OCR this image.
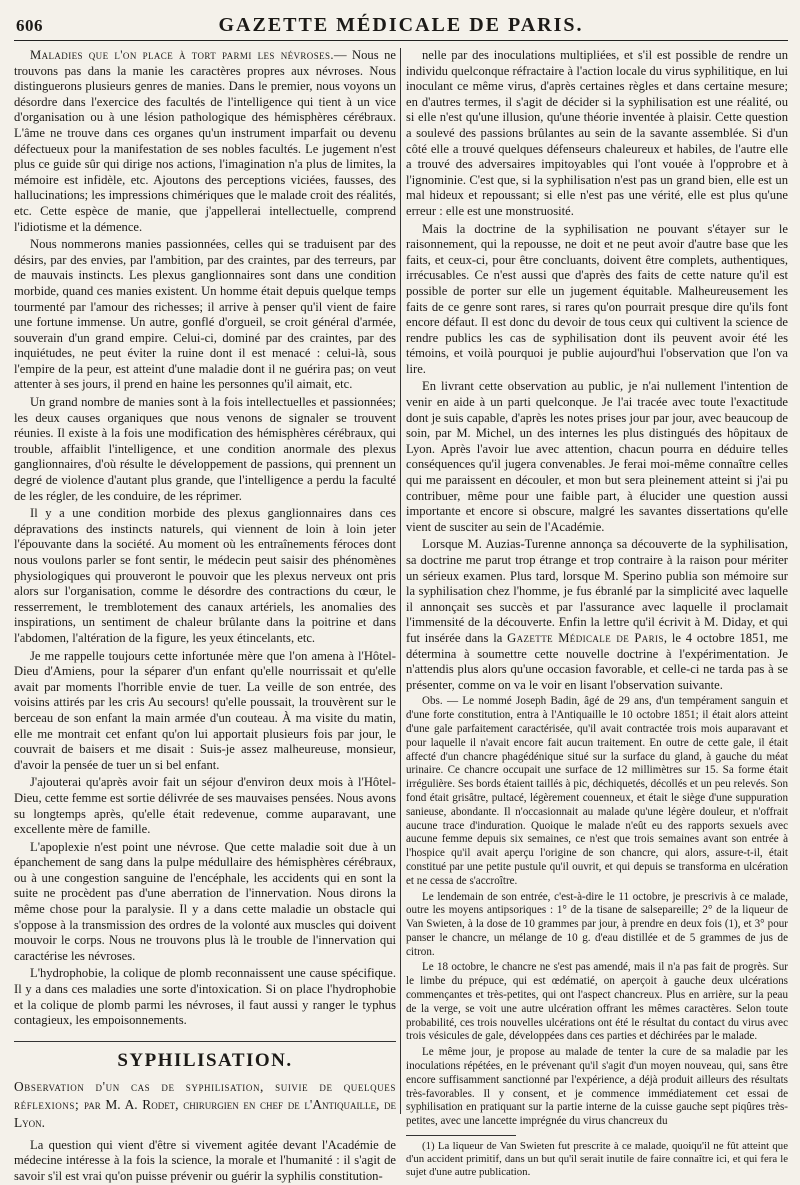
606	GAZETTE MÉDICALE DE PARIS.

Maladies que l'on place à tort parmi les névroses.— Nous ne trouvons pas dans la manie les caractères propres aux névroses. Nous distinguerons plusieurs genres de manies. Dans le premier, nous voyons un désordre dans l'exercice des facultés de l'intelligence qui tient à un vice d'organisation ou à une lésion pathologique des hémisphères cérébraux. L'âme ne trouve dans ces organes qu'un instrument imparfait ou devenu défectueux pour la manifestation de ses nobles facultés. Le jugement n'est plus ce guide sûr qui dirige nos actions, l'imagination n'a plus de limites, la mémoire est infidèle, etc. Ajoutons des perceptions viciées, fausses, des hallucinations; les impressions chimériques que le malade croit des réalités, etc. Cette espèce de manie, que j'appellerai intellectuelle, comprend l'idiotisme et la démence.

Nous nommerons manies passionnées, celles qui se traduisent par des désirs, par des envies, par l'ambition, par des craintes, par des terreurs, par de mauvais instincts. Les plexus ganglionnaires sont dans une condition morbide, quand ces manies existent. Un homme était depuis quelque temps tourmenté par l'amour des richesses; il arrive à penser qu'il vient de faire une fortune immense. Un autre, gonflé d'orgueil, se croit général d'armée, souverain d'un grand empire. Celui-ci, dominé par des craintes, par des inquiétudes, ne peut éviter la ruine dont il est menacé : celui-là, sous l'empire de la peur, est atteint d'une maladie dont il ne guérira pas; on veut attenter à ses jours, il prend en haine les personnes qu'il aimait, etc.

Un grand nombre de manies sont à la fois intellectuelles et passionnées; les deux causes organiques que nous venons de signaler se trouvent réunies. Il existe à la fois une modification des hémisphères cérébraux, qui trouble, affaiblit l'intelligence, et une condition anormale des plexus ganglionnaires, d'où résulte le développement de passions, qui prennent un degré de violence d'autant plus grande, que l'intelligence a perdu la faculté de les régler, de les conduire, de les réprimer.

Il y a une condition morbide des plexus ganglionnaires dans ces dépravations des instincts naturels, qui viennent de loin à loin jeter l'épouvante dans la société. Au moment où les entraînements féroces dont nous voulons parler se font sentir, le médecin peut saisir des phénomènes physiologiques qui prouveront le pouvoir que les plexus nerveux ont pris alors sur l'organisation, comme le désordre des contractions du cœur, le resserrement, le tremblotement des canaux artériels, les anomalies des inspirations, un sentiment de chaleur brûlante dans la poitrine et dans l'abdomen, l'altération de la figure, les yeux étincelants, etc.

Je me rappelle toujours cette infortunée mère que l'on amena à l'Hôtel-Dieu d'Amiens, pour la séparer d'un enfant qu'elle nourrissait et qu'elle avait par moments l'horrible envie de tuer. La veille de son entrée, des voisins attirés par les cris Au secours! qu'elle poussait, la trouvèrent sur le berceau de son enfant la main armée d'un couteau. À ma visite du matin, elle me montrait cet enfant qu'on lui apportait plusieurs fois par jour, le couvrait de baisers et me disait : Suis-je assez malheureuse, monsieur, d'avoir la pensée de tuer un si bel enfant.

J'ajouterai qu'après avoir fait un séjour d'environ deux mois à l'Hôtel-Dieu, cette femme est sortie délivrée de ses mauvaises pensées. Nous avons su longtemps après, qu'elle était redevenue, comme auparavant, une excellente mère de famille.

L'apoplexie n'est point une névrose. Que cette maladie soit due à un épanchement de sang dans la pulpe médullaire des hémisphères cérébraux, ou à une congestion sanguine de l'encéphale, les accidents qui en sont la suite ne procèdent pas d'une aberration de l'innervation. Nous dirons la même chose pour la paralysie. Il y a dans cette maladie un obstacle qui s'oppose à la transmission des ordres de la volonté aux muscles qui doivent mouvoir le corps. Nous ne trouvons plus là le trouble de l'innervation qui caractérise les névroses.

L'hydrophobie, la colique de plomb reconnaissent une cause spécifique. Il y a dans ces maladies une sorte d'intoxication. Si on place l'hydrophobie et la colique de plomb parmi les névroses, il faut aussi y ranger le typhus contagieux, les empoisonnements.

SYPHILISATION.
Observation d'un cas de syphilisation, suivie de quelques réflexions; par M. A. Rodet, chirurgien en chef de l'Antiquaille, de Lyon.

La question qui vient d'être si vivement agitée devant l'Académie de médecine intéresse à la fois la science, la morale et l'humanité : il s'agit de savoir s'il est vrai qu'on puisse prévenir ou guérir la syphilis constitution-

nelle par des inoculations multipliées, et s'il est possible de rendre un individu quelconque réfractaire à l'action locale du virus syphilitique, en lui inoculant ce même virus, d'après certaines règles et dans certaine mesure; en d'autres termes, il s'agit de décider si la syphilisation est une réalité, ou si elle n'est qu'une illusion, qu'une théorie inventée à plaisir. Cette question a soulevé des passions brûlantes au sein de la savante assemblée. Si d'un côté elle a trouvé quelques défenseurs chaleureux et habiles, de l'autre elle a trouvé des adversaires impitoyables qui l'ont vouée à l'opprobre et à l'ignominie. C'est que, si la syphilisation n'est pas un grand bien, elle est un mal hideux et repoussant; si elle n'est pas une vérité, elle est plus qu'une erreur : elle est une monstruosité.

Mais la doctrine de la syphilisation ne pouvant s'étayer sur le raisonnement, qui la repousse, ne doit et ne peut avoir d'autre base que les faits, et ceux-ci, pour être concluants, doivent être complets, authentiques, irrécusables. Ce n'est aussi que d'après des faits de cette nature qu'il est possible de porter sur elle un jugement équitable. Malheureusement les faits de ce genre sont rares, si rares qu'on pourrait presque dire qu'ils font encore défaut. Il est donc du devoir de tous ceux qui cultivent la science de rendre publics les cas de syphilisation dont ils peuvent avoir été les témoins, et voilà pourquoi je publie aujourd'hui l'observation que l'on va lire.

En livrant cette observation au public, je n'ai nullement l'intention de venir en aide à un parti quelconque. Je l'ai tracée avec toute l'exactitude dont je suis capable, d'après les notes prises jour par jour, avec beaucoup de soin, par M. Michel, un des internes les plus distingués des hôpitaux de Lyon. Après l'avoir lue avec attention, chacun pourra en déduire telles conséquences qu'il jugera convenables. Je ferai moi-même connaître celles qui me paraissent en découler, et mon but sera pleinement atteint si j'ai pu contribuer, même pour une faible part, à élucider une question aussi importante et encore si obscure, malgré les savantes dissertations qu'elle vient de susciter au sein de l'Académie.

Lorsque M. Auzias-Turenne annonça sa découverte de la syphilisation, sa doctrine me parut trop étrange et trop contraire à la raison pour mériter un sérieux examen. Plus tard, lorsque M. Sperino publia son mémoire sur la syphilisation chez l'homme, je fus ébranlé par la simplicité avec laquelle il annonçait ses succès et par l'assurance avec laquelle il proclamait l'immensité de la découverte. Enfin la lettre qu'il écrivit à M. Diday, et qui fut insérée dans la Gazette Médicale de Paris, le 4 octobre 1851, me détermina à soumettre cette nouvelle doctrine à l'expérimentation. Je n'attendis plus alors qu'une occasion favorable, et celle-ci ne tarda pas à se présenter, comme on va le voir en lisant l'observation suivante.

Obs. — Le nommé Joseph Badin, âgé de 29 ans, d'un tempérament sanguin et d'une forte constitution, entra à l'Antiquaille le 10 octobre 1851; il était alors atteint d'une gale parfaitement caractérisée, qu'il avait contractée trois mois auparavant et pour laquelle il n'avait encore fait aucun traitement. En outre de cette gale, il était affecté d'un chancre phagédénique situé sur la surface du gland, à gauche du méat urinaire. Ce chancre occupait une surface de 12 millimètres sur 15. Sa forme était irrégulière. Ses bords étaient taillés à pic, déchiquetés, décollés et un peu relevés. Son fond était grisâtre, pultacé, légèrement couenneux, et était le siège d'une suppuration sanieuse, abondante. Il n'occasionnait au malade qu'une légère douleur, et n'offrait aucune trace d'induration. Quoique le malade n'eût eu des rapports sexuels avec aucune femme depuis six semaines, ce n'est que trois semaines avant son entrée à l'hospice qu'il avait aperçu l'origine de son chancre, qui alors, assure-t-il, était constitué par une petite pustule qu'il ouvrit, et qui depuis se transforma en ulcération et ne cessa de s'accroître.

Le lendemain de son entrée, c'est-à-dire le 11 octobre, je prescrivis à ce malade, outre les moyens antipsoriques : 1° de la tisane de salsepareille; 2° de la liqueur de Van Swieten, à la dose de 10 grammes par jour, à prendre en deux fois (1), et 3° pour panser le chancre, un mélange de 10 g. d'eau distillée et de 5 grammes de jus de citron.

Le 18 octobre, le chancre ne s'est pas amendé, mais il n'a pas fait de progrès. Sur le limbe du prépuce, qui est œdématié, on aperçoit à gauche deux ulcérations commençantes et très-petites, qui ont l'aspect chancreux. Plus en arrière, sur la peau de la verge, se voit une autre ulcération offrant les mêmes caractères. Selon toute probabilité, ces trois nouvelles ulcérations ont été le résultat du contact du virus avec trois vésicules de gale, développées dans ces parties et déchirées par le malade.

Le même jour, je propose au malade de tenter la cure de sa maladie par les inoculations répétées, en le prévenant qu'il s'agit d'un moyen nouveau, qui, sans être encore suffisamment sanctionné par l'expérience, a déjà produit ailleurs des résultats très-favorables. Il y consent, et je commence immédiatement cet essai de syphilisation en pratiquant sur la partie interne de la cuisse gauche sept piqûres très-petites, avec une lancette imprégnée du virus chancreux du

(1) La liqueur de Van Swieten fut prescrite à ce malade, quoiqu'il ne fût atteint que d'un accident primitif, dans un but qu'il serait inutile de faire connaître ici, et qui fera le sujet d'une autre publication.
